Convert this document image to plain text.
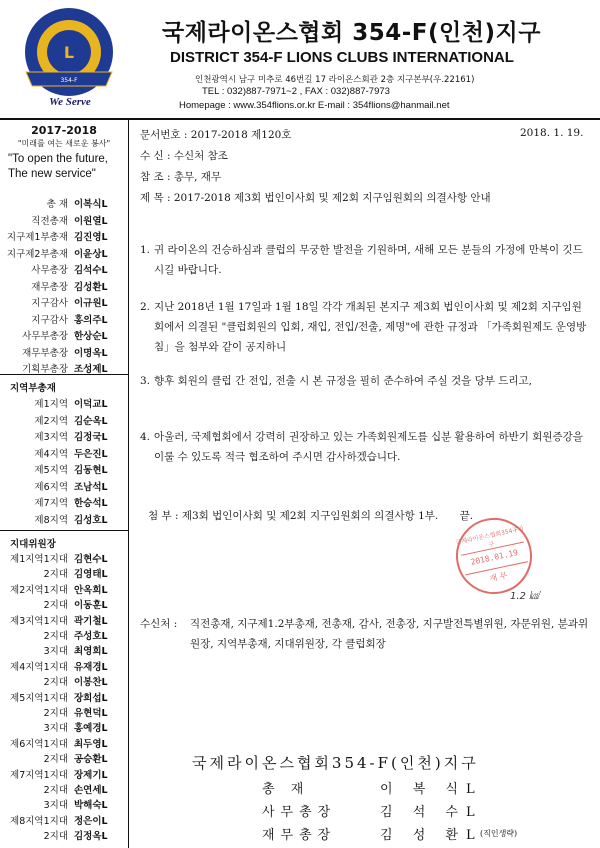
L
354-F
We Serve
국제라이온스협회 354-F(인천)지구
DISTRICT 354-F LIONS CLUBS INTERNATIONAL
인천광역시 남구 미추로 46번길 17 라이온스회관 2층 지구본부(우.22161)
TEL : 032)887-7971~2 , FAX : 032)887-7973
Homepage : www.354flions.or.kr E-mail : 354flions@hanmail.net
2017-2018
"미래를 여는 새로운 봉사"
"To open the future, The new service"
총 재 이복식L
직전총재 이원열L
지구제1부총재 김진영L
지구제2부총재 이윤상L
사무총장 김석수L
재무총장 김성환L
지구감사 이규원L
지구감사 홍의주L
사무부총장 한상순L
재무부총장 이명옥L
기획부총장 조성제L
지역부총재
제1지역 이덕교L
제2지역 김순옥L
제3지역 김정국L
제4지역 두은진L
제5지역 김동현L
제6지역 조남석L
제7지역 한승석L
제8지역 김성호L
지대위원장
제1지역1지대 김현수L
2지대 김영태L
제2지역1지대 안옥희L
2지대 이동훈L
제3지역1지대 곽기철L
2지대 주성호L
3지대 최영희L
제4지역1지대 유재경L
2지대 이봉찬L
제5지역1지대 장희섭L
2지대 유현덕L
3지대 홍예경L
제6지역1지대 최두영L
2지대 공승환L
제7지역1지대 장제기L
2지대 손연세L
3지대 박해숙L
제8지역1지대 정은이L
2지대 김정옥L
문서번호 : 2017-2018 제120호	2018. 1. 19.
수 신 : 수신처 참조
참 조 : 총무, 재무
제 목 : 2017-2018 제3회 법인이사회 및 제2회 지구임원회의 의결사항 안내
1. 귀 라이온의 건승하심과 클럽의 무궁한 발전을 기원하며, 새해 모든 분들의 가정에 만복이 깃드시길 바랍니다.
2. 지난 2018년 1월 17일과 1월 18일 각각 개최된 본지구 제3회 법인이사회 및 제2회 지구임원회에서 의결된 "클럽회원의 입회, 재입, 전입/전출, 제명"에 관한 규정과 「가족회원제도 운영방침」을 첨부와 같이 공지하니
3. 향후 회원의 클럽 간 전입, 전출 시 본 규정을 필히 준수하여 주실 것을 당부 드리고,
4. 아울러, 국제협회에서 강력히 권장하고 있는 가족회원제도를 십분 활용하여 하반기 회원증강을 이룰 수 있도록 적극 협조하여 주시면 감사하겠습니다.
첨 부 : 제3회 법인이사회 및 제2회 지구임원회의 의결사항 1부. 끝.
국제라이온스협회354-F지구
2018.01.19
재 무
1.2 ㎉
수신처 : 직전총재, 지구제1.2부총재, 전총재, 감사, 전총장, 지구발전특별위원, 자문위원, 분과위원장, 지역부총재, 지대위원장, 각 클럽회장
국제라이온스협회354-F(인천)지구
총 재	이 복 식L
사무총장	김 석 수L
재무총장	김 성 환L
(직인생략)
